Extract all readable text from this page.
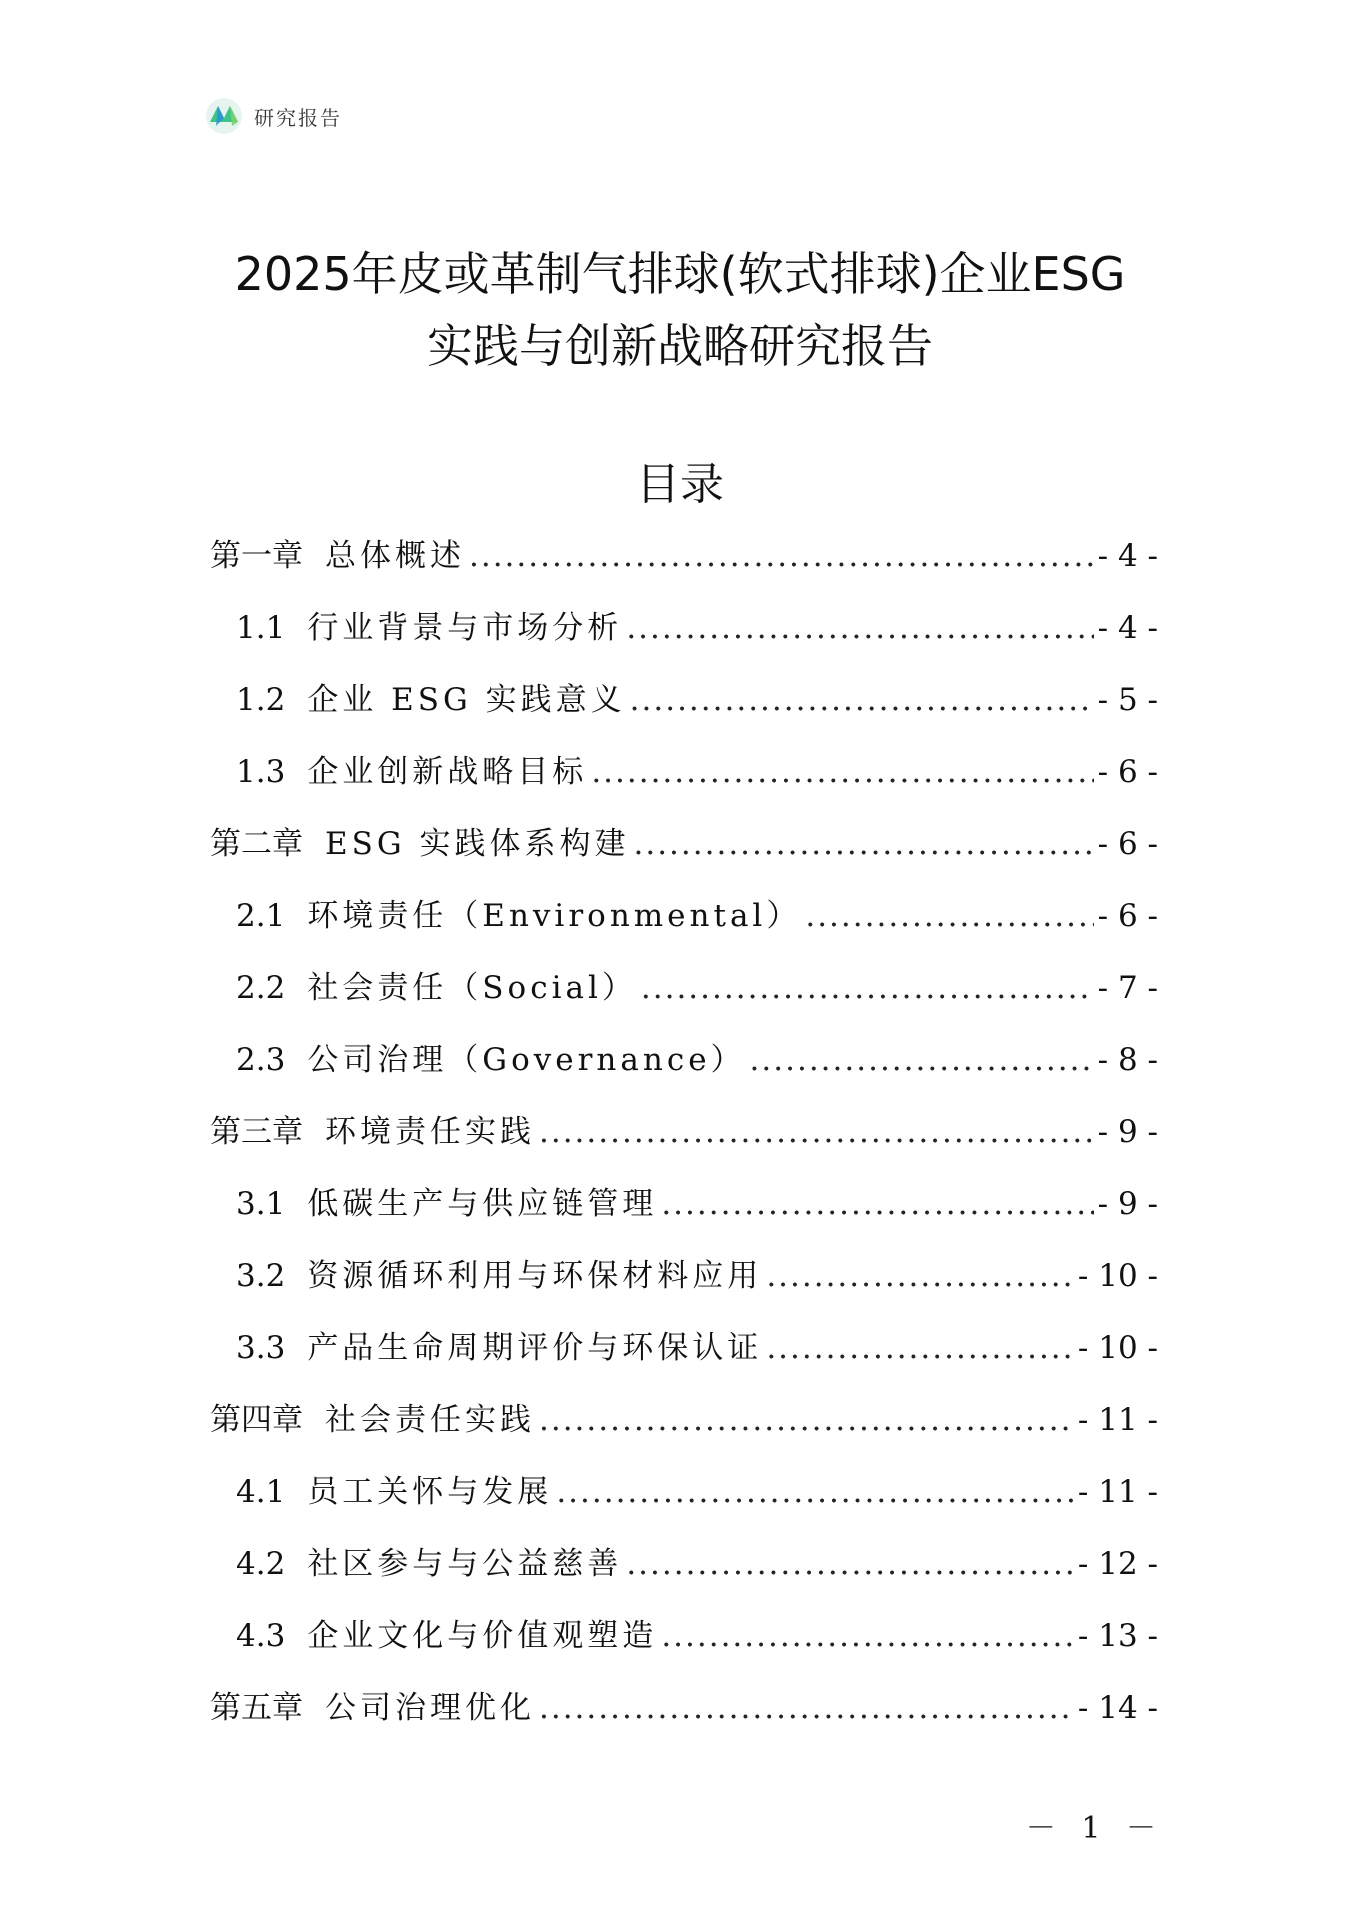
研究报告
2025年皮或革制气排球(软式排球)企业ESG
实践与创新战略研究报告
目录
第一章 总体概述 .....	- 4 -
1.1 行业背景与市场分析 .....	- 4 -
1.2 企业 ESG 实践意义 .....	- 5 -
1.3 企业创新战略目标 .....	- 6 -
第二章 ESG 实践体系构建 .....	- 6 -
2.1 环境责任（Environmental） .....	- 6 -
2.2 社会责任（Social） .....	- 7 -
2.3 公司治理（Governance） .....	- 8 -
第三章 环境责任实践 .....	- 9 -
3.1 低碳生产与供应链管理 .....	- 9 -
3.2 资源循环利用与环保材料应用 .....	- 10 -
3.3 产品生命周期评价与环保认证 .....	- 10 -
第四章 社会责任实践 .....	- 11 -
4.1 员工关怀与发展 .....	- 11 -
4.2 社区参与与公益慈善 .....	- 12 -
4.3 企业文化与价值观塑造 .....	- 13 -
第五章 公司治理优化 .....	- 14 -
－ 1 －
